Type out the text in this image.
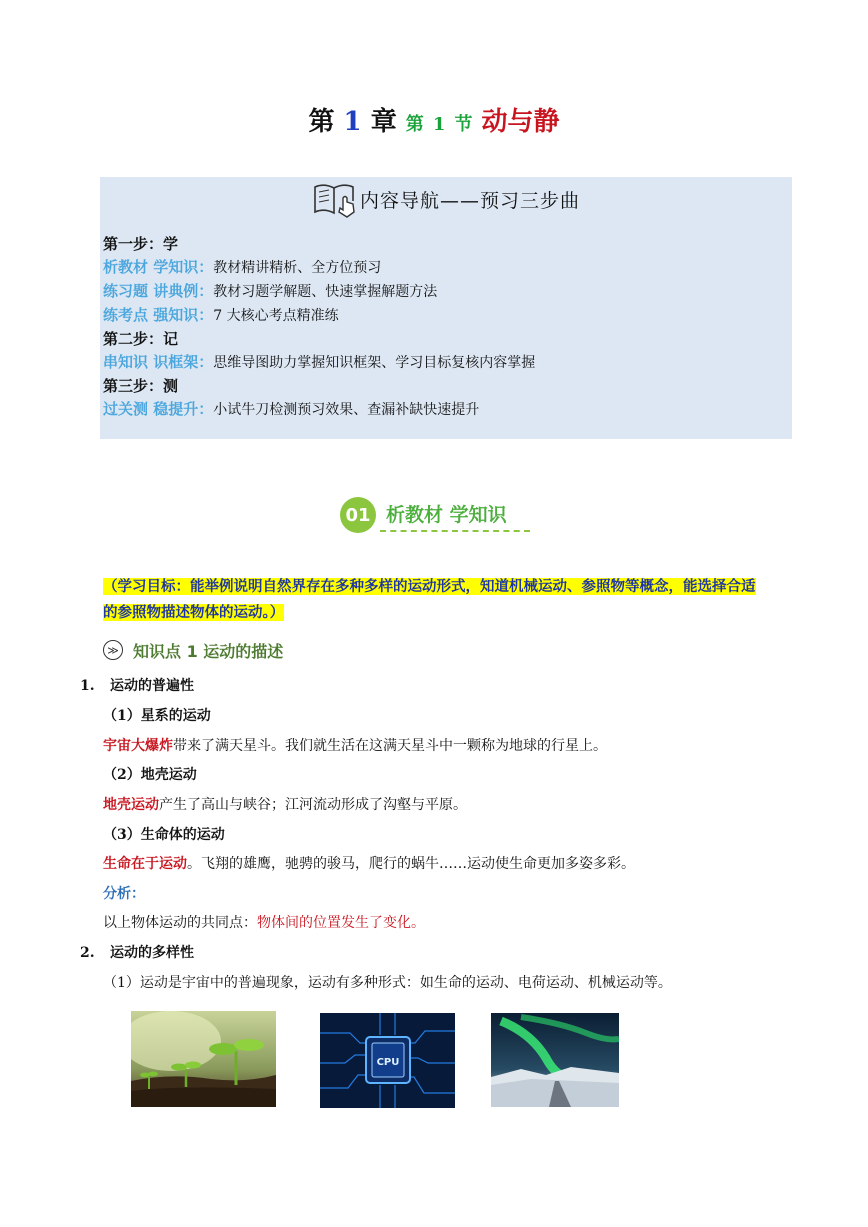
第 1 章 第 1 节 动与静
内容导航——预习三步曲
第一步：学
析教材 学知识：教材精讲精析、全方位预习
练习题 讲典例：教材习题学解题、快速掌握解题方法
练考点 强知识：7 大核心考点精准练
第二步：记
串知识 识框架：思维导图助力掌握知识框架、学习目标复核内容掌握
第三步：测
过关测 稳提升：小试牛刀检测预习效果、查漏补缺快速提升
01 析教材 学知识
（学习目标：能举例说明自然界存在多种多样的运动形式，知道机械运动、参照物等概念，能选择合适
的参照物描述物体的运动。）
≫ 知识点 1 运动的描述
1. 运动的普遍性
（1）星系的运动
宇宙大爆炸带来了满天星斗。我们就生活在这满天星斗中一颗称为地球的行星上。
（2）地壳运动
地壳运动产生了高山与峡谷；江河流动形成了沟壑与平原。
（3）生命体的运动
生命在于运动。飞翔的雄鹰，驰骋的骏马，爬行的蜗牛……运动使生命更加多姿多彩。
分析：
以上物体运动的共同点：物体间的位置发生了变化。
2. 运动的多样性
（1）运动是宇宙中的普遍现象，运动有多种形式：如生命的运动、电荷运动、机械运动等。
CPU
